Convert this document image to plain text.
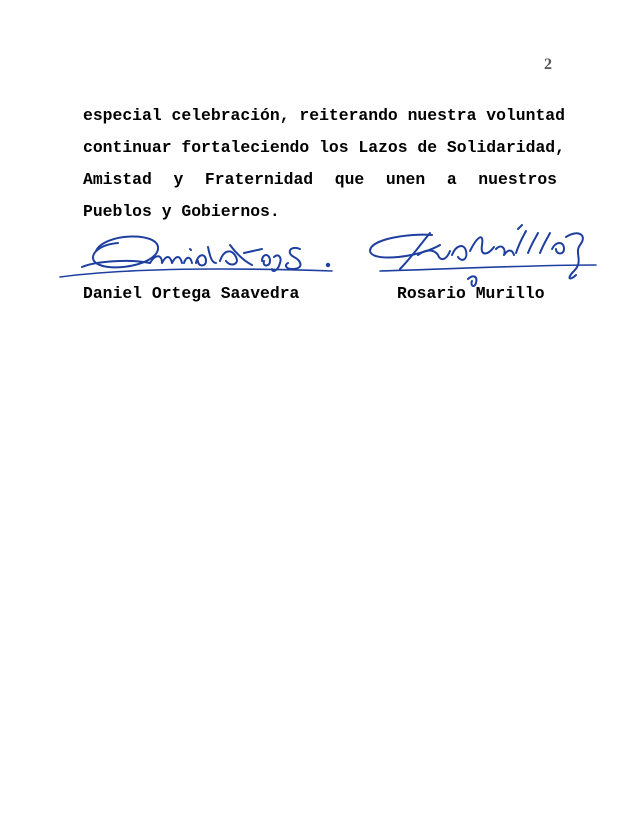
2
especial celebración, reiterando nuestra voluntad
continuar fortaleciendo los Lazos de Solidaridad,
Amistad y Fraternidad que unen a nuestros
Pueblos y Gobiernos.
Daniel Ortega Saavedra	Rosario Murillo
